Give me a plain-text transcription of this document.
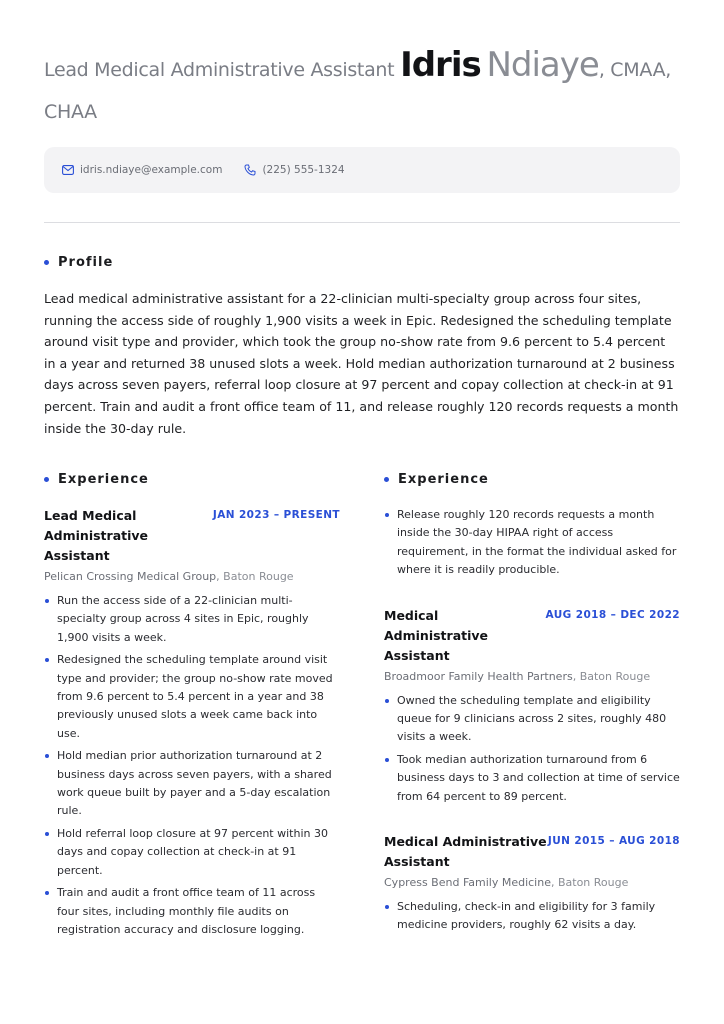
Lead Medical Administrative Assistant Idris Ndiaye, CMAA,
CHAA
idris.ndiaye@example.com	(225) 555-1324
Profile
Lead medical administrative assistant for a 22-clinician multi-specialty group across four sites, running the access side of roughly 1,900 visits a week in Epic. Redesigned the scheduling template around visit type and provider, which took the group no-show rate from 9.6 percent to 5.4 percent in a year and returned 38 unused slots a week. Hold median authorization turnaround at 2 business days across seven payers, referral loop closure at 97 percent and copay collection at check-in at 91 percent. Train and audit a front office team of 11, and release roughly 120 records requests a month inside the 30-day rule.
Experience	Experience
Lead Medical Administrative Assistant
JAN 2023 – PRESENT
Pelican Crossing Medical Group, Baton Rouge
Run the access side of a 22-clinician multi-specialty group across 4 sites in Epic, roughly 1,900 visits a week.
Redesigned the scheduling template around visit type and provider; the group no-show rate moved from 9.6 percent to 5.4 percent in a year and 38 previously unused slots a week came back into use.
Hold median prior authorization turnaround at 2 business days across seven payers, with a shared work queue built by payer and a 5-day escalation rule.
Hold referral loop closure at 97 percent within 30 days and copay collection at check-in at 91 percent.
Train and audit a front office team of 11 across four sites, including monthly file audits on registration accuracy and disclosure logging.
Release roughly 120 records requests a month inside the 30-day HIPAA right of access requirement, in the format the individual asked for where it is readily producible.
Medical Administrative Assistant
AUG 2018 – DEC 2022
Broadmoor Family Health Partners, Baton Rouge
Owned the scheduling template and eligibility queue for 9 clinicians across 2 sites, roughly 480 visits a week.
Took median authorization turnaround from 6 business days to 3 and collection at time of service from 64 percent to 89 percent.
Medical Administrative Assistant
JUN 2015 – AUG 2018
Cypress Bend Family Medicine, Baton Rouge
Scheduling, check-in and eligibility for 3 family medicine providers, roughly 62 visits a day.
